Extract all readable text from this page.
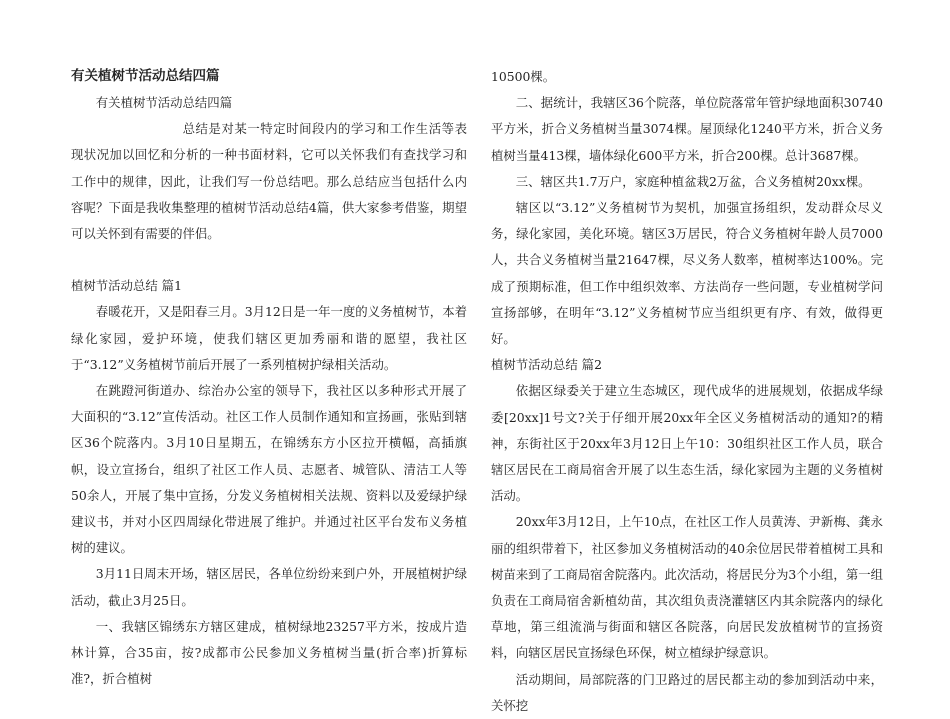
有关植树节活动总结四篇

有关植树节活动总结四篇

总结是对某一特定时间段内的学习和工作生活等表现状况加以回忆和分析的一种书面材料，它可以关怀我们有查找学习和工作中的规律，因此，让我们写一份总结吧。那么总结应当包括什么内容呢？下面是我收集整理的植树节活动总结4篇，供大家参考借鉴，期望可以关怀到有需要的伴侣。

植树节活动总结 篇1

春暖花开，又是阳春三月。3月12日是一年一度的义务植树节，本着绿化家园，爱护环境，使我们辖区更加秀丽和谐的愿望，我社区于“3.12”义务植树节前后开展了一系列植树护绿相关活动。

在跳蹬河街道办、综治办公室的领导下，我社区以多种形式开展了大面积的“3.12”宣传活动。社区工作人员制作通知和宣扬画，张贴到辖区36个院落内。3月10日星期五，在锦绣东方小区拉开横幅，高插旗帜，设立宣扬台，组织了社区工作人员、志愿者、城管队、清洁工人等50余人，开展了集中宣扬，分发义务植树相关法规、资料以及爱绿护绿建议书，并对小区四周绿化带进展了维护。并通过社区平台发布义务植树的建议。

3月11日周末开场，辖区居民，各单位纷纷来到户外，开展植树护绿活动，截止3月25日。

一、我辖区锦绣东方辖区建成，植树绿地23257平方米，按成片造林计算，合35亩，按?成都市公民参加义务植树当量(折合率)折算标准?，折合植树

10500棵。

二、据统计，我辖区36个院落，单位院落常年管护绿地面积30740平方米，折合义务植树当量3074棵。屋顶绿化1240平方米，折合义务植树当量413棵，墙体绿化600平方米，折合200棵。总计3687棵。

三、辖区共1.7万户，家庭种植盆栽2万盆，合义务植树20xx棵。

辖区以“3.12”义务植树节为契机，加强宣扬组织，发动群众尽义务，绿化家园，美化环境。辖区3万居民，符合义务植树年龄人员7000人，共合义务植树当量21647棵，尽义务人数率，植树率达100%。完成了预期标准，但工作中组织效率、方法尚存一些问题，专业植树学问宣扬部够，在明年“3.12”义务植树节应当组织更有序、有效，做得更好。

植树节活动总结 篇2

依据区绿委关于建立生态城区，现代成华的进展规划，依据成华绿委[20xx]1号文?关于仔细开展20xx年全区义务植树活动的通知?的精神，东街社区于20xx年3月12日上午10：30组织社区工作人员，联合辖区居民在工商局宿舍开展了以生态生活，绿化家园为主题的义务植树活动。

20xx年3月12日，上午10点，在社区工作人员黄涛、尹新梅、龚永丽的组织带着下，社区参加义务植树活动的40余位居民带着植树工具和树苗来到了工商局宿舍院落内。此次活动，将居民分为3个小组，第一组负责在工商局宿舍新植幼苗，其次组负责浇灌辖区内其余院落内的绿化草地，第三组流淌与街面和辖区各院落，向居民发放植树节的宣扬资料，向辖区居民宣扬绿色环保，树立植绿护绿意识。

活动期间，局部院落的门卫路过的居民都主动的参加到活动中来，关怀挖
